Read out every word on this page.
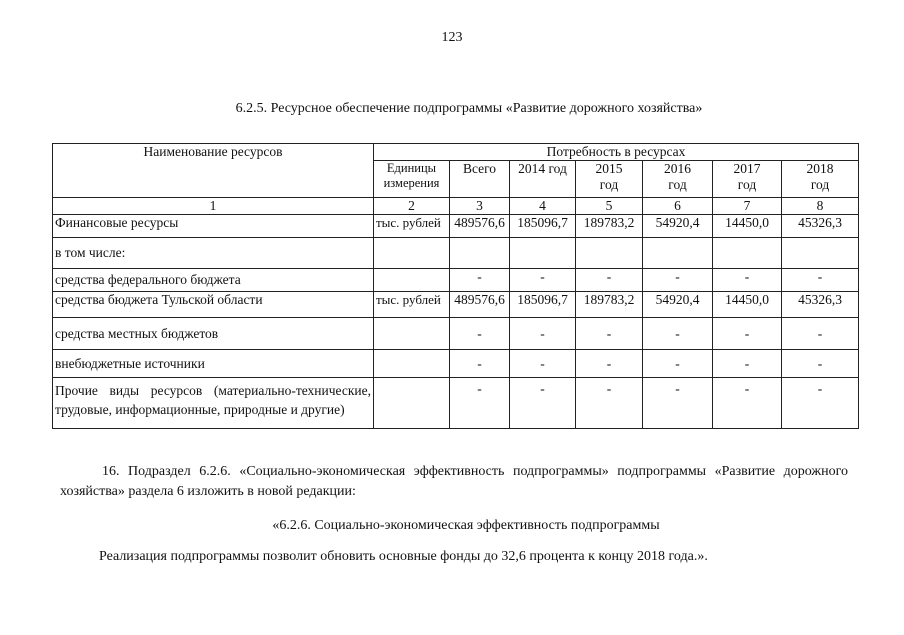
123
6.2.5. Ресурсное обеспечение подпрограммы «Развитие дорожного хозяйства»
Наименование ресурсов	Потребность в ресурсах						
	Единицы измерения	Всего	2014 год	2015 год	2016 год	2017 год	2018 год
1	2	3	4	5	6	7	8
Финансовые ресурсы	тыс. рублей	489576,6	185096,7	189783,2	54920,4	14450,0	45326,3
в том числе:							
средства федерального бюджета		-	-	-	-	-	-
средства бюджета Тульской области	тыс. рублей	489576,6	185096,7	189783,2	54920,4	14450,0	45326,3
средства местных бюджетов		-	-	-	-	-	-
внебюджетные источники		-	-	-	-	-	-
Прочие виды ресурсов (материально-технические, трудовые, информационные, природные и другие)		-	-	-	-	-	-
16. Подраздел 6.2.6. «Социально-экономическая эффективность подпрограммы» подпрограммы «Развитие дорожного хозяйства» раздела 6 изложить в новой редакции:
«6.2.6. Социально-экономическая эффективность подпрограммы
Реализация подпрограммы позволит обновить основные фонды до 32,6 процента к концу 2018 года.».
